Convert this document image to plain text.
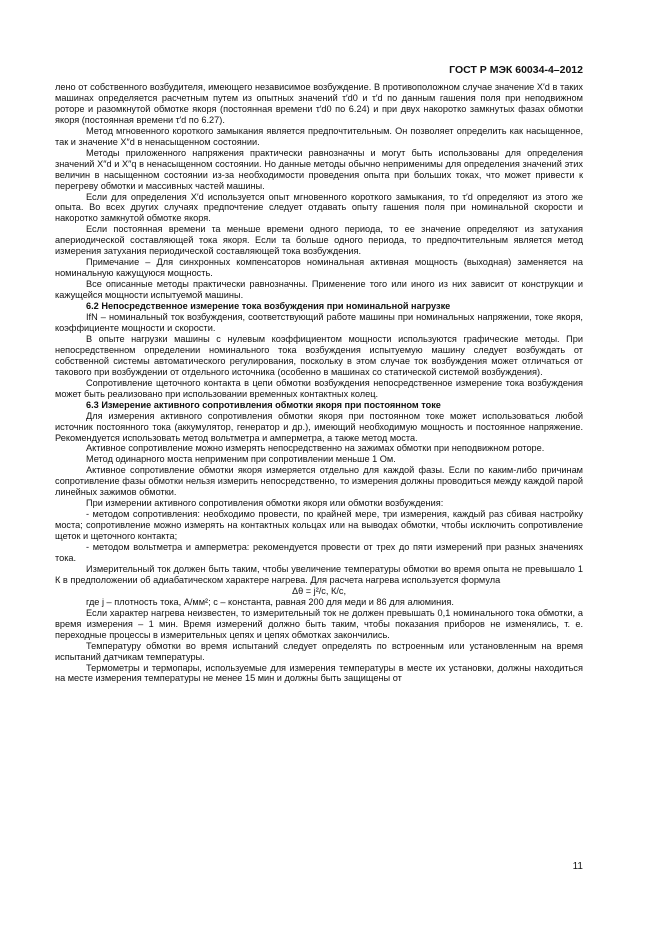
ГОСТ Р МЭК 60034-4–2012

лено от собственного возбудителя, имеющего независимое возбуждение. В противоположном случае значение X′d в таких машинах определяется расчетным путем из опытных значений τ′d0 и τ′d по данным гашения поля при неподвижном роторе и разомкнутой обмотке якоря (постоянная времени τ′d0 по 6.24) и при двух накоротко замкнутых фазах обмотки якоря (постоянная времени τ′d по 6.27).

Метод мгновенного короткого замыкания является предпочтительным. Он позволяет определить как насыщенное, так и значение X″d в ненасыщенном состоянии.

Методы приложенного напряжения практически равнозначны и могут быть использованы для определения значений X″d и X″q в ненасыщенном состоянии. Но данные методы обычно неприменимы для определения значений этих величин в насыщенном состоянии из-за необходимости проведения опыта при больших токах, что может привести к перегреву обмотки и массивных частей машины.

Если для определения X′d используется опыт мгновенного короткого замыкания, то τ′d определяют из этого же опыта. Во всех других случаях предпочтение следует отдавать опыту гашения поля при номинальной скорости и накоротко замкнутой обмотке якоря.

Если постоянная времени τa меньше времени одного периода, то ее значение определяют из затухания апериодической составляющей тока якоря. Если τa больше одного периода, то предпочтительным является метод измерения затухания периодической составляющей тока возбуждения.

Примечание – Для синхронных компенсаторов номинальная активная мощность (выходная) заменяется на номинальную кажущуюся мощность.

Все описанные методы практически равнозначны. Применение того или иного из них зависит от конструкции и кажущейся мощности испытуемой машины.

6.2 Непосредственное измерение тока возбуждения при номинальной нагрузке

IfN – номинальный ток возбуждения, соответствующий работе машины при номинальных напряжении, токе якоря, коэффициенте мощности и скорости.

В опыте нагрузки машины с нулевым коэффициентом мощности используются графические методы. При непосредственном определении номинального тока возбуждения испытуемую машину следует возбуждать от собственной системы автоматического регулирования, поскольку в этом случае ток возбуждения может отличаться от такового при возбуждении от отдельного источника (особенно в машинах со статической системой возбуждения).

Сопротивление щеточного контакта в цепи обмотки возбуждения непосредственное измерение тока возбуждения может быть реализовано при использовании временных контактных колец.

6.3 Измерение активного сопротивления обмотки якоря при постоянном токе

Для измерения активного сопротивления обмотки якоря при постоянном токе может использоваться любой источник постоянного тока (аккумулятор, генератор и др.), имеющий необходимую мощность и постоянное напряжение. Рекомендуется использовать метод вольтметра и амперметра, а также метод моста.

Активное сопротивление можно измерять непосредственно на зажимах обмотки при неподвижном роторе.

Метод одинарного моста неприменим при сопротивлении меньше 1 Ом.

Активное сопротивление обмотки якоря измеряется отдельно для каждой фазы. Если по каким-либо причинам сопротивление фазы обмотки нельзя измерить непосредственно, то измерения должны проводиться между каждой парой линейных зажимов обмотки.

При измерении активного сопротивления обмотки якоря или обмотки возбуждения:

- методом сопротивления: необходимо провести, по крайней мере, три измерения, каждый раз сбивая настройку моста; сопротивление можно измерять на контактных кольцах или на выводах обмотки, чтобы исключить сопротивление щеток и щеточного контакта;

- методом вольтметра и амперметра: рекомендуется провести от трех до пяти измерений при разных значениях тока.

Измерительный ток должен быть таким, чтобы увеличение температуры обмотки во время опыта не превышало 1 К в предположении об адиабатическом характере нагрева. Для расчета нагрева используется формула

Δθ = j²/c, К/с,

где j – плотность тока, А/мм²; с – константа, равная 200 для меди и 86 для алюминия.

Если характер нагрева неизвестен, то измерительный ток не должен превышать 0,1 номинального тока обмотки, а время измерения – 1 мин. Время измерений должно быть таким, чтобы показания приборов не изменялись, т. е. переходные процессы в измерительных цепях и цепях обмотках закончились.

Температуру обмотки во время испытаний следует определять по встроенным или установленным на время испытаний датчикам температуры.

Термометры и термопары, используемые для измерения температуры в месте их установки, должны находиться на месте измерения температуры не менее 15 мин и должны быть защищены от

11
